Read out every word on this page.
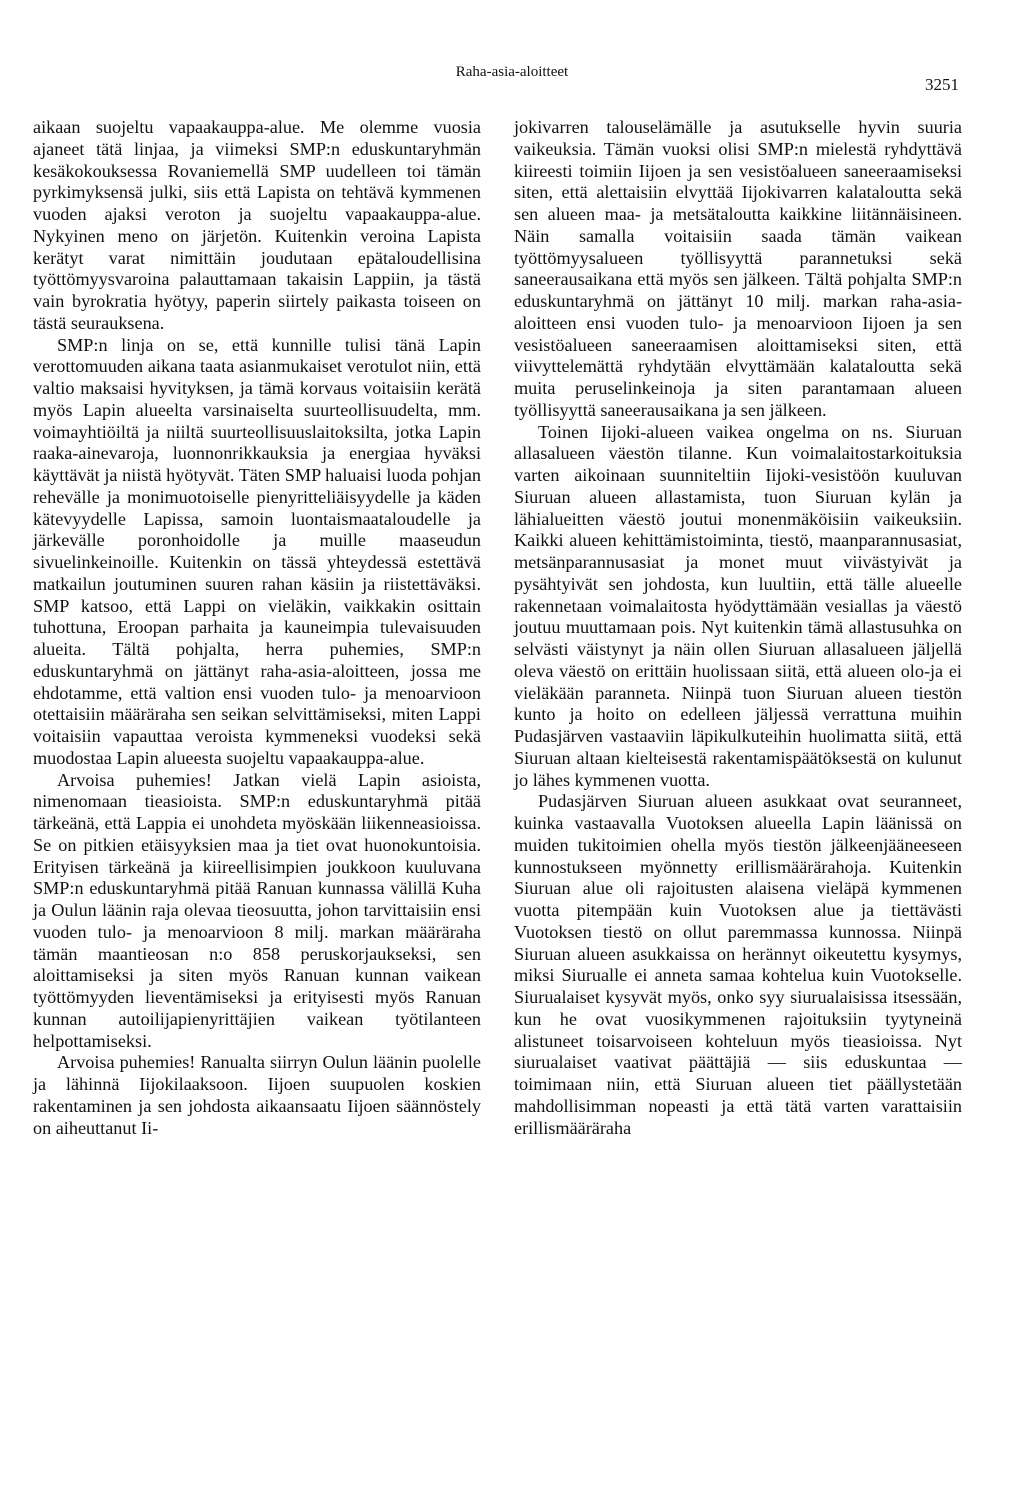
Raha-asia-aloitteet
3251

aikaan suojeltu vapaakauppa-alue. Me olemme vuosia ajaneet tätä linjaa, ja viimeksi SMP:n eduskuntaryhmän kesäkokouksessa Rovaniemellä SMP uudelleen toi tämän pyrkimyksensä julki, siis että Lapista on tehtävä kymmenen vuoden ajaksi veroton ja suojeltu vapaakauppa-alue. Nykyinen meno on järjetön. Kuitenkin veroina Lapista kerätyt varat nimittäin joudutaan epätaloudellisina työttömyysvaroina palauttamaan takaisin Lappiin, ja tästä vain byrokratia hyötyy, paperin siirtely paikasta toiseen on tästä seurauksena.

SMP:n linja on se, että kunnille tulisi tänä Lapin verottomuuden aikana taata asianmukaiset verotulot niin, että valtio maksaisi hyvityksen, ja tämä korvaus voitaisiin kerätä myös Lapin alueelta varsinaiselta suurteollisuudelta, mm. voimayhtiöiltä ja niiltä suurteollisuuslaitoksilta, jotka Lapin raaka-ainevaroja, luonnonrikkauksia ja energiaa hyväksi käyttävät ja niistä hyötyvät. Täten SMP haluaisi luoda pohjan rehevälle ja monimuotoiselle pienyritteliäisyydelle ja käden kätevyydelle Lapissa, samoin luontaismaataloudelle ja järkevälle poronhoidolle ja muille maaseudun sivuelinkeinoille. Kuitenkin on tässä yhteydessä estettävä matkailun joutuminen suuren rahan käsiin ja riistettäväksi. SMP katsoo, että Lappi on vieläkin, vaikkakin osittain tuhottuna, Eroopan parhaita ja kauneimpia tulevaisuuden alueita. Tältä pohjalta, herra puhemies, SMP:n eduskuntaryhmä on jättänyt raha-asia-aloitteen, jossa me ehdotamme, että valtion ensi vuoden tulo- ja menoarvioon otettaisiin määräraha sen seikan selvittämiseksi, miten Lappi voitaisiin vapauttaa veroista kymmeneksi vuodeksi sekä muodostaa Lapin alueesta suojeltu vapaakauppa-alue.

Arvoisa puhemies! Jatkan vielä Lapin asioista, nimenomaan tieasioista. SMP:n eduskuntaryhmä pitää tärkeänä, että Lappia ei unohdeta myöskään liikenneasioissa. Se on pitkien etäisyyksien maa ja tiet ovat huonokuntoisia. Erityisen tärkeänä ja kiireellisimpien joukkoon kuuluvana SMP:n eduskuntaryhmä pitää Ranuan kunnassa välillä Kuha ja Oulun läänin raja olevaa tieosuutta, johon tarvittaisiin ensi vuoden tulo- ja menoarvioon 8 milj. markan määräraha tämän maantieosan n:o 858 peruskorjaukseksi, sen aloittamiseksi ja siten myös Ranuan kunnan vaikean työttömyyden lieventämiseksi ja erityisesti myös Ranuan kunnan autoilijapienyrittäjien vaikean työtilanteen helpottamiseksi.

Arvoisa puhemies! Ranualta siirryn Oulun läänin puolelle ja lähinnä Iijokilaaksoon. Iijoen suupuolen koskien rakentaminen ja sen johdosta aikaansaatu Iijoen säännöstely on aiheuttanut Ii-

jokivarren talouselämälle ja asutukselle hyvin suuria vaikeuksia. Tämän vuoksi olisi SMP:n mielestä ryhdyttävä kiireesti toimiin Iijoen ja sen vesistöalueen saneeraamiseksi siten, että alettaisiin elvyttää Iijokivarren kalataloutta sekä sen alueen maa- ja metsätaloutta kaikkine liitännäisineen. Näin samalla voitaisiin saada tämän vaikean työttömyysalueen työllisyyttä parannetuksi sekä saneerausaikana että myös sen jälkeen. Tältä pohjalta SMP:n eduskuntaryhmä on jättänyt 10 milj. markan raha-asia-aloitteen ensi vuoden tulo- ja menoarvioon Iijoen ja sen vesistöalueen saneeraamisen aloittamiseksi siten, että viivyttelemättä ryhdytään elvyttämään kalataloutta sekä muita peruselinkeinoja ja siten parantamaan alueen työllisyyttä saneerausaikana ja sen jälkeen.

Toinen Iijoki-alueen vaikea ongelma on ns. Siuruan allasalueen väestön tilanne. Kun voimalaitostarkoituksia varten aikoinaan suunniteltiin Iijoki-vesistöön kuuluvan Siuruan alueen allastamista, tuon Siuruan kylän ja lähialueitten väestö joutui monenmäköisiin vaikeuksiin. Kaikki alueen kehittämistoiminta, tiestö, maanparannusasiat, metsänparannusasiat ja monet muut viivästyivät ja pysähtyivät sen johdosta, kun luultiin, että tälle alueelle rakennetaan voimalaitosta hyödyttämään vesiallas ja väestö joutuu muuttamaan pois. Nyt kuitenkin tämä allastusuhka on selvästi väistynyt ja näin ollen Siuruan allasalueen jäljellä oleva väestö on erittäin huolissaan siitä, että alueen olo-ja ei vieläkään paranneta. Niinpä tuon Siuruan alueen tiestön kunto ja hoito on edelleen jäljessä verrattuna muihin Pudasjärven vastaaviin läpikulkuteihin huolimatta siitä, että Siuruan altaan kielteisestä rakentamispäätöksestä on kulunut jo lähes kymmenen vuotta.

Pudasjärven Siuruan alueen asukkaat ovat seuranneet, kuinka vastaavalla Vuotoksen alueella Lapin läänissä on muiden tukitoimien ohella myös tiestön jälkeenjääneeseen kunnostukseen myönnetty erillismäärärahoja. Kuitenkin Siuruan alue oli rajoitusten alaisena vieläpä kymmenen vuotta pitempään kuin Vuotoksen alue ja tiettävästi Vuotoksen tiestö on ollut paremmassa kunnossa. Niinpä Siuruan alueen asukkaissa on herännyt oikeutettu kysymys, miksi Siurualle ei anneta samaa kohtelua kuin Vuotokselle. Siurualaiset kysyvät myös, onko syy siurualaisissa itsessään, kun he ovat vuosikymmenen rajoituksiin tyytyneinä alistuneet toisarvoiseen kohteluun myös tieasioissa. Nyt siurualaiset vaativat päättäjiä — siis eduskuntaa — toimimaan niin, että Siuruan alueen tiet päällystetään mahdollisimman nopeasti ja että tätä varten varattaisiin erillismääräraha
